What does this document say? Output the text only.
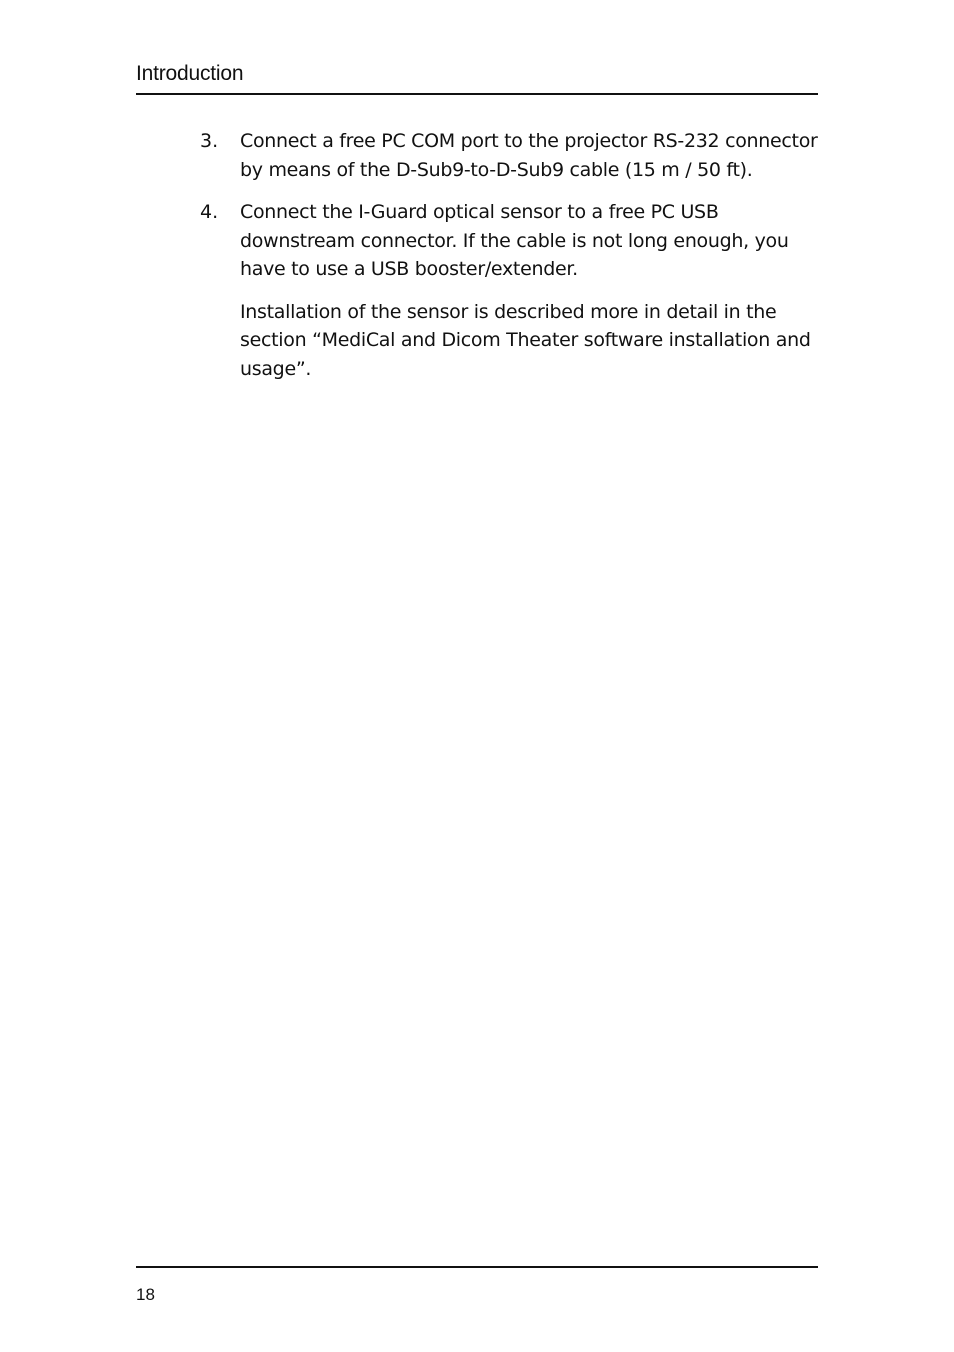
Introduction
3. Connect a free PC COM port to the projector RS-232 connector by means of the D-Sub9-to-D-Sub9 cable (15 m / 50 ft).

4. Connect the I-Guard optical sensor to a free PC USB downstream connector. If the cable is not long enough, you have to use a USB booster/extender.

Installation of the sensor is described more in detail in the section “MediCal and Dicom Theater software installation and usage”.

18
